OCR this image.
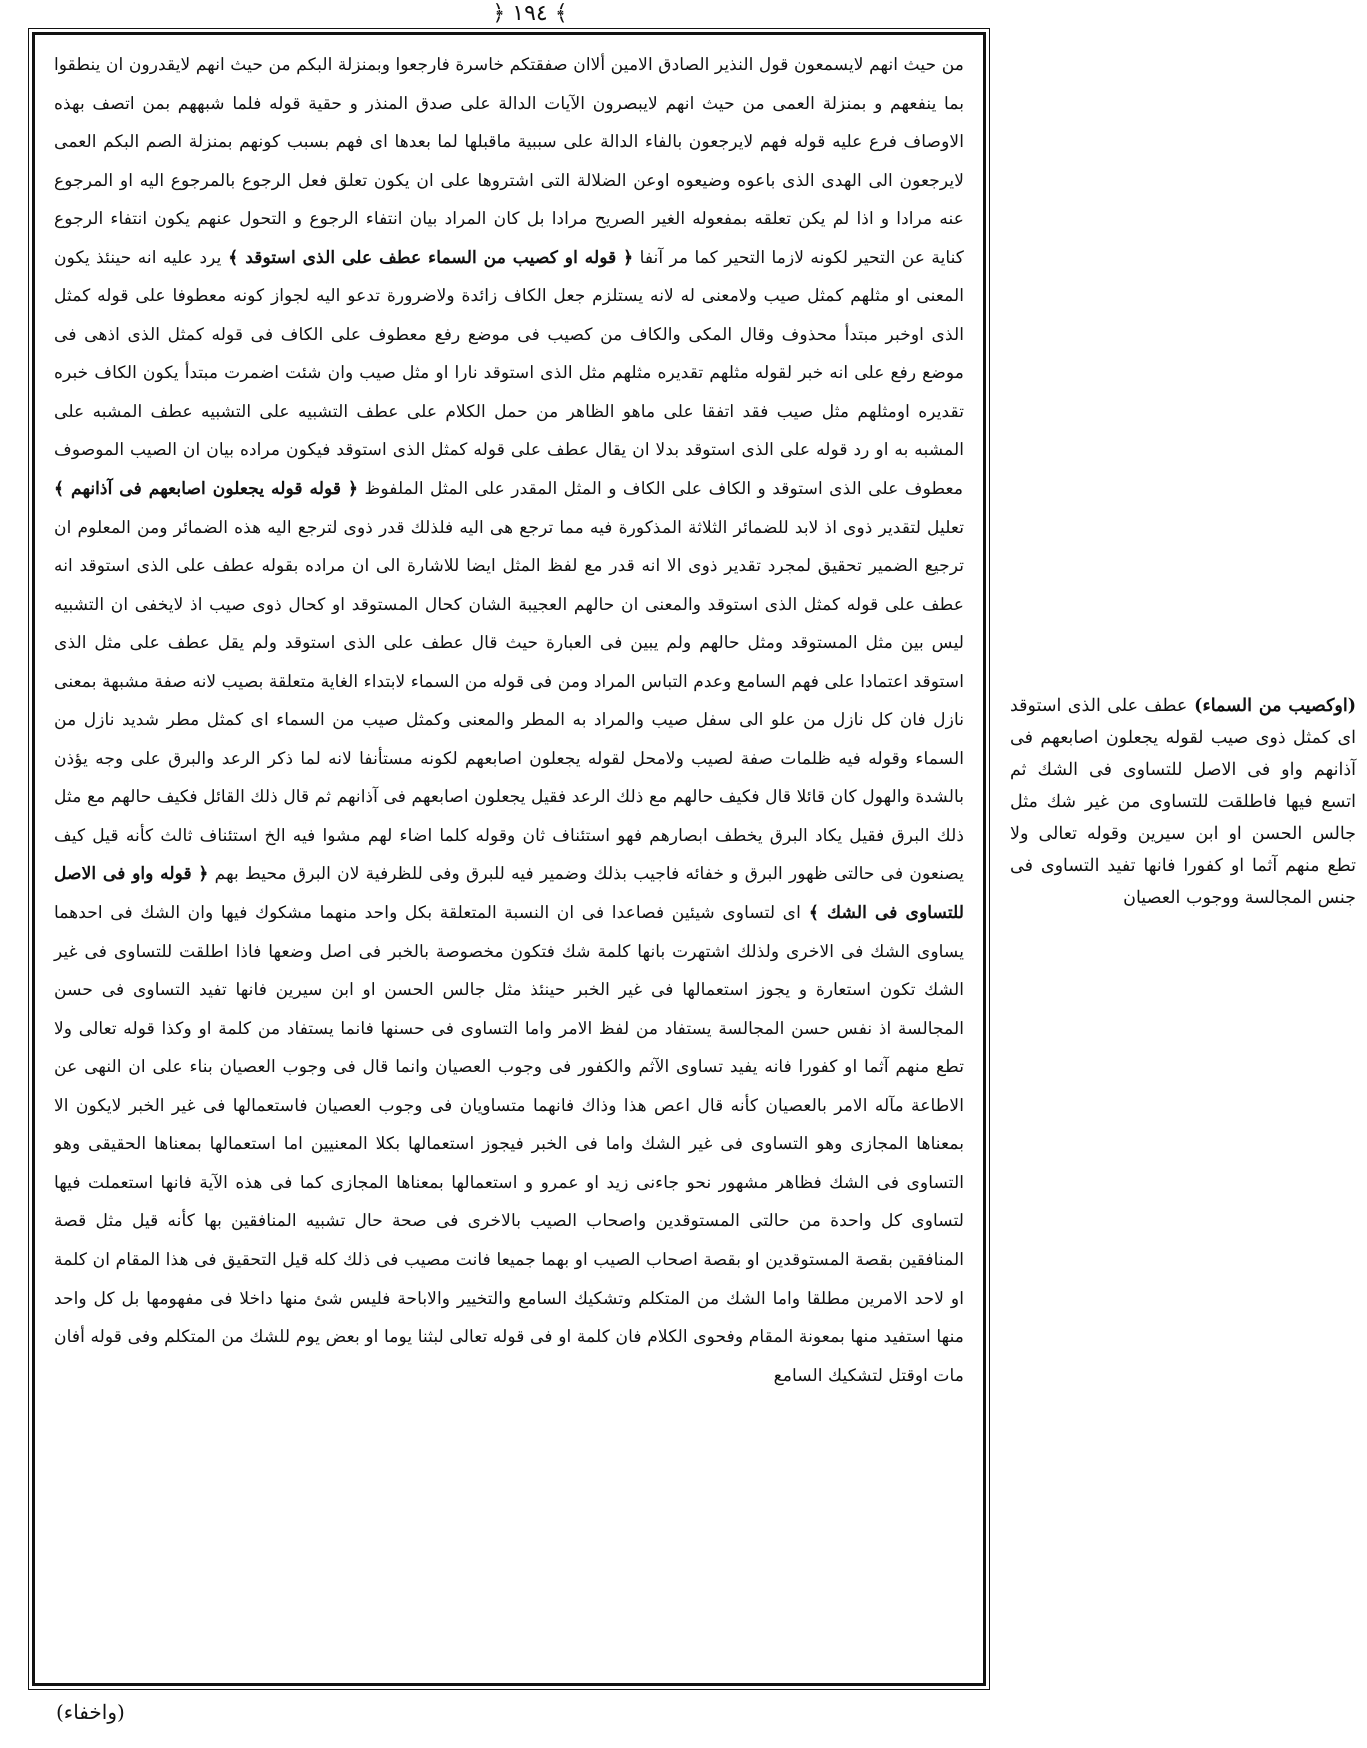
﴿ ١٩٤ ﴾

من حيث انهم لايسمعون قول النذير الصادق الامين ألاان صفقتكم خاسرة فارجعوا وبمنزلة البكم من حيث انهم لايقدرون ان ينطقوا بما ينفعهم و بمنزلة العمى من حيث انهم لايبصرون الآيات الدالة على صدق المنذر و حقية قوله فلما شبههم بمن اتصف بهذه الاوصاف فرع عليه قوله فهم لايرجعون بالفاء الدالة على سببية ماقبلها لما بعدها اى فهم بسبب كونهم بمنزلة الصم البكم العمى لايرجعون الى الهدى الذى باعوه وضيعوه اوعن الضلالة التى اشتروها على ان يكون تعلق فعل الرجوع بالمرجوع اليه او المرجوع عنه مرادا و اذا لم يكن تعلقه بمفعوله الغير الصريح مرادا بل كان المراد بيان انتفاء الرجوع و التحول عنهم يكون انتفاء الرجوع كناية عن التحير لكونه لازما التحير كما مر آنفا ﴿ قوله او كصيب من السماء عطف على الذى استوقد ﴾ يرد عليه انه حينئذ يكون المعنى او مثلهم كمثل صيب ولامعنى له لانه يستلزم جعل الكاف زائدة ولاضرورة تدعو اليه لجواز كونه معطوفا على قوله كمثل الذى اوخبر مبتدأ محذوف وقال المكى والكاف من كصيب فى موضع رفع معطوف على الكاف فى قوله كمثل الذى اذهى فى موضع رفع على انه خبر لقوله مثلهم تقديره مثلهم مثل الذى استوقد نارا او مثل صيب وان شئت اضمرت مبتدأ يكون الكاف خبره تقديره اومثلهم مثل صيب فقد اتفقا على ماهو الظاهر من حمل الكلام على عطف التشبيه على التشبيه عطف المشبه على المشبه به او رد قوله على الذى استوقد بدلا ان يقال عطف على قوله كمثل الذى استوقد فيكون مراده بيان ان الصيب الموصوف معطوف على الذى استوقد و الكاف على الكاف و المثل المقدر على المثل الملفوظ ﴿ قوله قوله يجعلون اصابعهم فى آذانهم ﴾ تعليل لتقدير ذوى اذ لابد للضمائر الثلاثة المذكورة فيه مما ترجع هى اليه فلذلك قدر ذوى لترجع اليه هذه الضمائر ومن المعلوم ان ترجيع الضمير تحقيق لمجرد تقدير ذوى الا انه قدر مع لفظ المثل ايضا للاشارة الى ان مراده بقوله عطف على الذى استوقد انه عطف على قوله كمثل الذى استوقد والمعنى ان حالهم العجيبة الشان كحال المستوقد او كحال ذوى صيب اذ لايخفى ان التشبيه ليس بين مثل المستوقد ومثل حالهم ولم يبين فى العبارة حيث قال عطف على الذى استوقد ولم يقل عطف على مثل الذى استوقد اعتمادا على فهم السامع وعدم التباس المراد ومن فى قوله من السماء لابتداء الغاية متعلقة بصيب لانه صفة مشبهة بمعنى نازل فان كل نازل من علو الى سفل صيب والمراد به المطر والمعنى وكمثل صيب من السماء اى كمثل مطر شديد نازل من السماء وقوله فيه ظلمات صفة لصيب ولامحل لقوله يجعلون اصابعهم لكونه مستأنفا لانه لما ذكر الرعد والبرق على وجه يؤذن بالشدة والهول كان قائلا قال فكيف حالهم مع ذلك الرعد فقيل يجعلون اصابعهم فى آذانهم ثم قال ذلك القائل فكيف حالهم مع مثل ذلك البرق فقيل يكاد البرق يخطف ابصارهم فهو استئناف ثان وقوله كلما اضاء لهم مشوا فيه الخ استئناف ثالث كأنه قيل كيف يصنعون فى حالتى ظهور البرق و خفائه فاجيب بذلك وضمير فيه للبرق وفى للظرفية لان البرق محيط بهم ﴿ قوله واو فى الاصل للتساوى فى الشك ﴾ اى لتساوى شيئين فصاعدا فى ان النسبة المتعلقة بكل واحد منهما مشكوك فيها وان الشك فى احدهما يساوى الشك فى الاخرى ولذلك اشتهرت بانها كلمة شك فتكون مخصوصة بالخبر فى اصل وضعها فاذا اطلقت للتساوى فى غير الشك تكون استعارة و يجوز استعمالها فى غير الخبر حينئذ مثل جالس الحسن او ابن سيرين فانها تفيد التساوى فى حسن المجالسة اذ نفس حسن المجالسة يستفاد من لفظ الامر واما التساوى فى حسنها فانما يستفاد من كلمة او وكذا قوله تعالى ولا تطع منهم آثما او كفورا فانه يفيد تساوى الآثم والكفور فى وجوب العصيان وانما قال فى وجوب العصيان بناء على ان النهى عن الاطاعة مآله الامر بالعصيان كأنه قال اعص هذا وذاك فانهما متساويان فى وجوب العصيان فاستعمالها فى غير الخبر لايكون الا بمعناها المجازى وهو التساوى فى غير الشك واما فى الخبر فيجوز استعمالها بكلا المعنيين اما استعمالها بمعناها الحقيقى وهو التساوى فى الشك فظاهر مشهور نحو جاءنى زيد او عمرو و استعمالها بمعناها المجازى كما فى هذه الآية فانها استعملت فيها لتساوى كل واحدة من حالتى المستوقدين واصحاب الصيب بالاخرى فى صحة حال تشبيه المنافقين بها كأنه قيل مثل قصة المنافقين بقصة المستوقدين او بقصة اصحاب الصيب او بهما جميعا فانت مصيب فى ذلك كله قيل التحقيق فى هذا المقام ان كلمة او لاحد الامرين مطلقا واما الشك من المتكلم وتشكيك السامع والتخيير والاباحة فليس شئ منها داخلا فى مفهومها بل كل واحد منها استفيد منها بمعونة المقام وفحوى الكلام فان كلمة او فى قوله تعالى لبثنا يوما او بعض يوم للشك من المتكلم وفى قوله أفان مات اوقتل لتشكيك السامع

(اوكصيب من السماء) عطف على الذى استوقد اى كمثل ذوى صيب لقوله يجعلون اصابعهم فى آذانهم واو فى الاصل للتساوى فى الشك ثم اتسع فيها فاطلقت للتساوى من غير شك مثل جالس الحسن او ابن سيرين وقوله تعالى ولا تطع منهم آثما او كفورا فانها تفيد التساوى فى جنس المجالسة ووجوب العصيان
(واخفاء)
